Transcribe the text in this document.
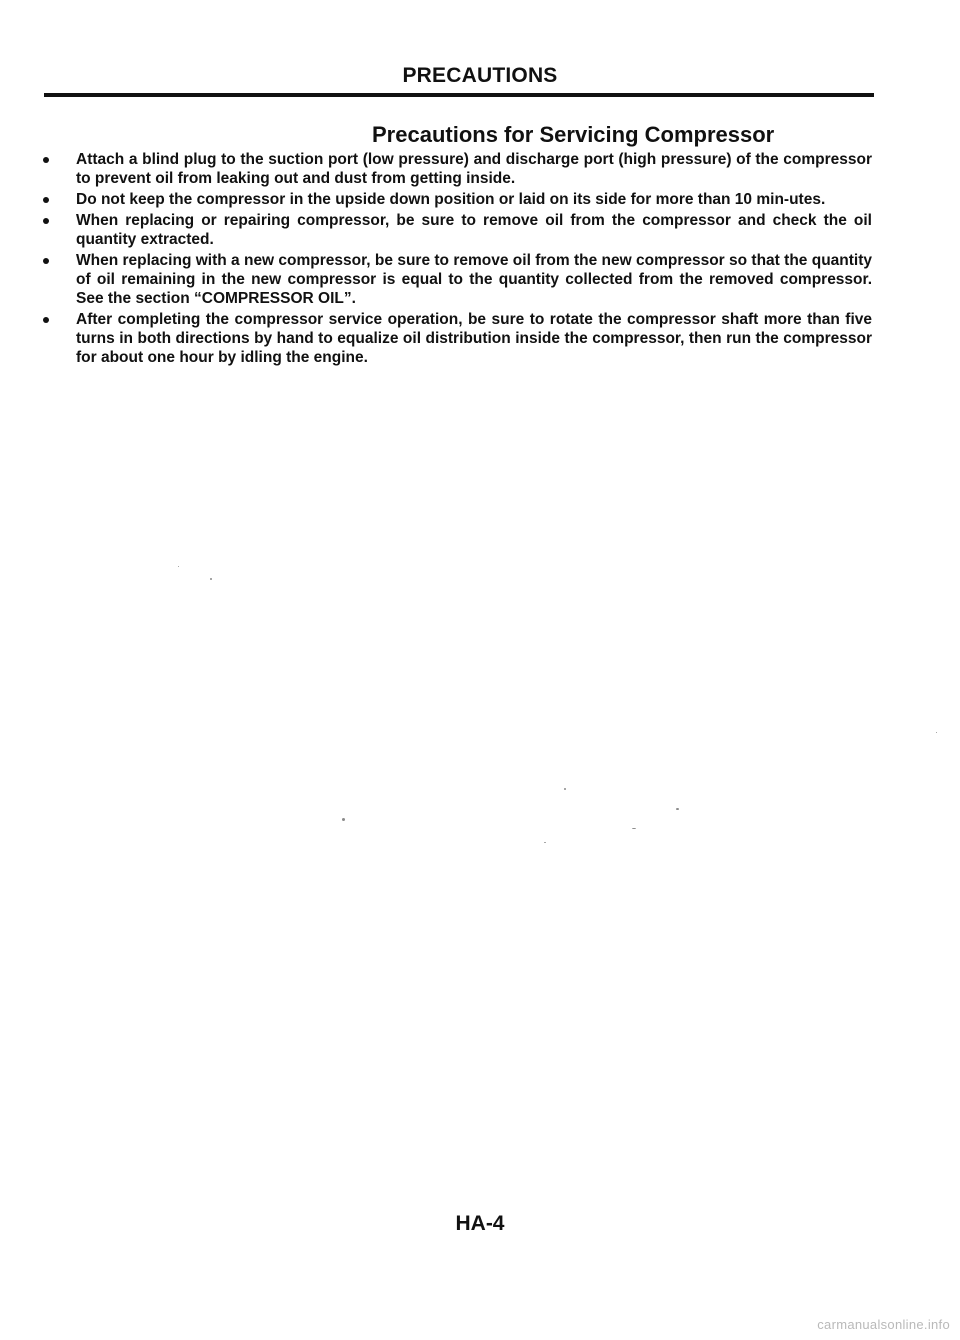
PRECAUTIONS
Precautions for Servicing Compressor
Attach a blind plug to the suction port (low pressure) and discharge port (high pressure) of the compressor to prevent oil from leaking out and dust from getting inside.
Do not keep the compressor in the upside down position or laid on its side for more than 10 min-utes.
When replacing or repairing compressor, be sure to remove oil from the compressor and check the oil quantity extracted.
When replacing with a new compressor, be sure to remove oil from the new compressor so that the quantity of oil remaining in the new compressor is equal to the quantity collected from the removed compressor. See the section “COMPRESSOR OIL”.
After completing the compressor service operation, be sure to rotate the compressor shaft more than five turns in both directions by hand to equalize oil distribution inside the compressor, then run the compressor for about one hour by idling the engine.
HA-4
carmanualsonline.info
